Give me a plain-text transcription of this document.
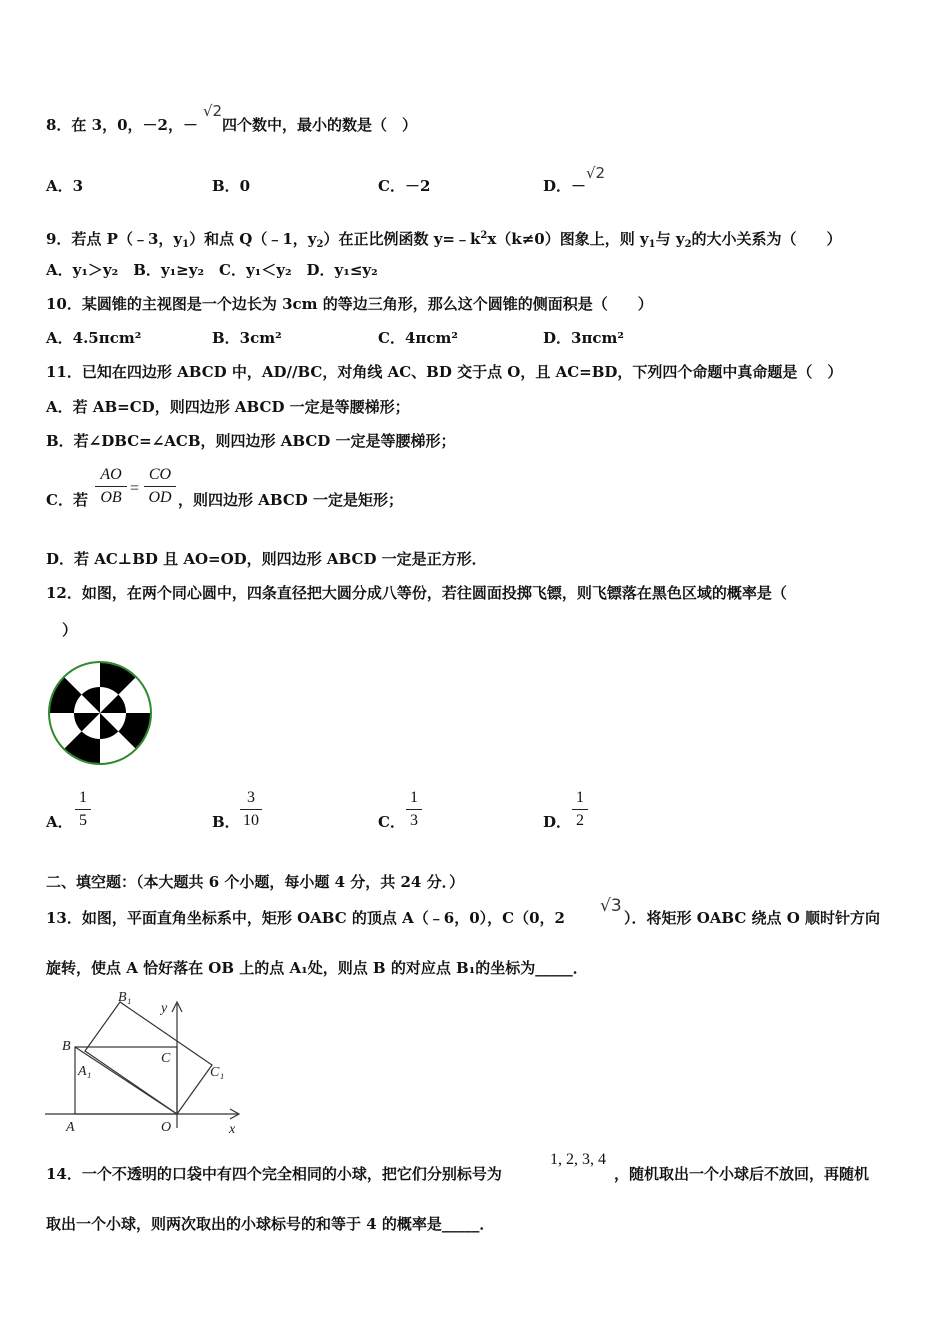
8．在 3，0，－2，－
√2
四个数中，最小的数是（　）
A．3	B．0	C．－2	D．－
√2
9．若点 P（﹣3，$y_1$）和点 Q（﹣1，$y_2$）在正比例函数 $y=﹣k^2x(k\ne 0)$图象上，则 $y_1$与 $y_2$的大小关系为（　　）
A．y₁＞y₂　B．y₁≥y₂　C．y₁＜y₂　D．y₁≤y₂
10．某圆锥的主视图是一个边长为 3cm 的等边三角形，那么这个圆锥的侧面积是（　　）
A．4.5πcm²	B．3cm²	C．4πcm²	D．3πcm²
11．已知在四边形 ABCD 中，AD//BC，对角线 AC、BD 交于点 O，且 AC=BD，下列四个命题中真命题是（　）
A．若 AB=CD，则四边形 ABCD 一定是等腰梯形；
B．若∠DBC=∠ACB，则四边形 ABCD 一定是等腰梯形；
C．若
AO
OB
=
CO
OD ，则四边形 ABCD 一定是矩形；
D．若 AC⊥BD 且 AO=OD，则四边形 ABCD 一定是正方形．
12．如图，在两个同心圆中，四条直径把大圆分成八等份，若往圆面投掷飞镖，则飞镖落在黑色区域的概率是（
）
A．
1
5	B．
3
10	C．
1
3	D．
1
2
二、填空题：（本大题共 6 个小题，每小题 4 分，共 24 分．）
13．如图，平面直角坐标系中，矩形 OABC 的顶点 A（﹣6，0），C（0，2
√3
）．将矩形 OABC 绕点 O 顺时针方向
旋转，使点 A 恰好落在 OB 上的点 A₁处，则点 B 的对应点 B₁的坐标为_____．
B₁
y
B
C
C₁
A₁
A	O	x
14．一个不透明的口袋中有四个完全相同的小球，把它们分别标号为
1, 2, 3, 4
，随机取出一个小球后不放回，再随机
取出一个小球，则两次取出的小球标号的和等于 4 的概率是_____．
